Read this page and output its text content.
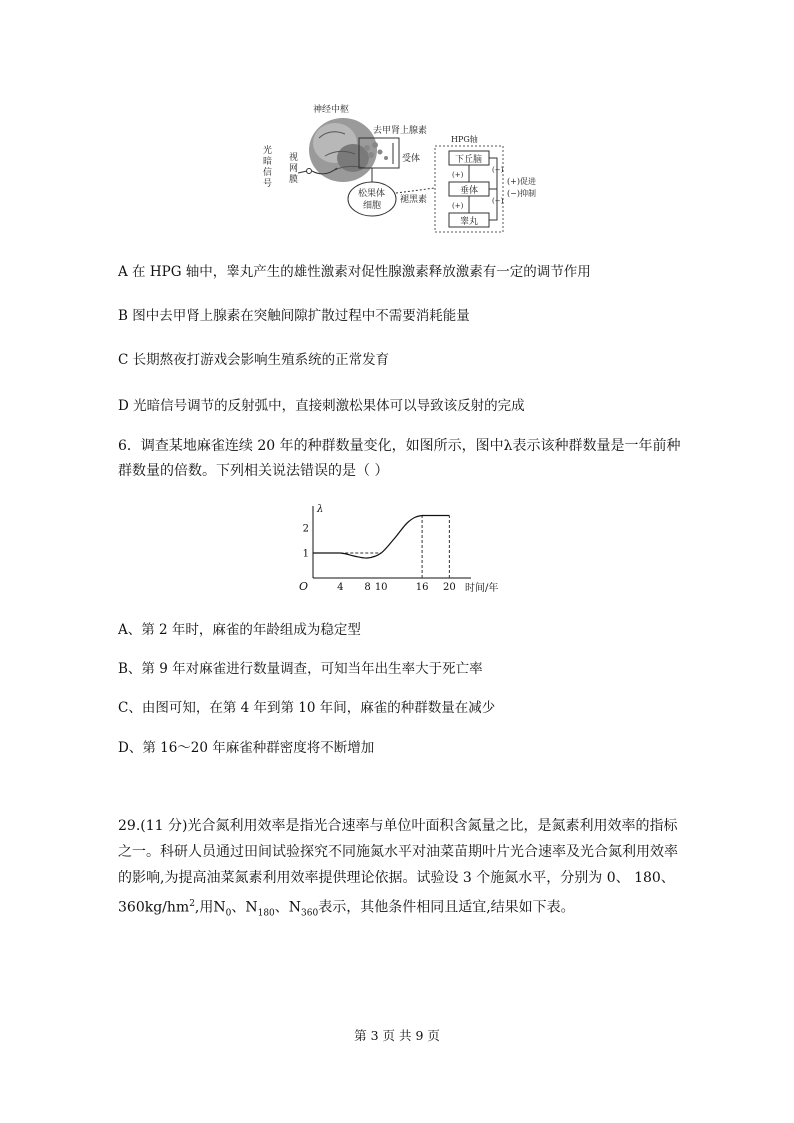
光
暗
信
号
视
网
膜
神经中枢
去甲肾上腺素
受体
松果体
细胞
褪黑素
HPG轴
下丘脑
垂体
睾丸
(+)
(+)
(−)
(−)
(+)促进
(−)抑制
A 在 HPG 轴中，睾丸产生的雄性激素对促性腺激素释放激素有一定的调节作用
B 图中去甲肾上腺素在突触间隙扩散过程中不需要消耗能量
C 长期熬夜打游戏会影响生殖系统的正常发育
D 光暗信号调节的反射弧中，直接刺激松果体可以导致该反射的完成
6．调查某地麻雀连续 20 年的种群数量变化，如图所示，图中λ表示该种群数量是一年前种
群数量的倍数。下列相关说法错误的是（ ）
4 8 10	16 20
1
2
λ
时间/年
O
A、第 2 年时，麻雀的年龄组成为稳定型
B、第 9 年对麻雀进行数量调查，可知当年出生率大于死亡率
C、由图可知，在第 4 年到第 10 年间，麻雀的种群数量在减少
D、第 16～20 年麻雀种群密度将不断增加
29.(11 分)光合氮利用效率是指光合速率与单位叶面积含氮量之比，是氮素利用效率的指标
之一。科研人员通过田间试验探究不同施氮水平对油菜苗期叶片光合速率及光合氮利用效率
的影响,为提高油菜氮素利用效率提供理论依据。试验设 3 个施氮水平，分别为 0、 180、
$360kg/hm^2$,用$N_0$、$N_{180}$、$N_{360}$表示，其他条件相同且适宜,结果如下表。
第 3 页 共 9 页
